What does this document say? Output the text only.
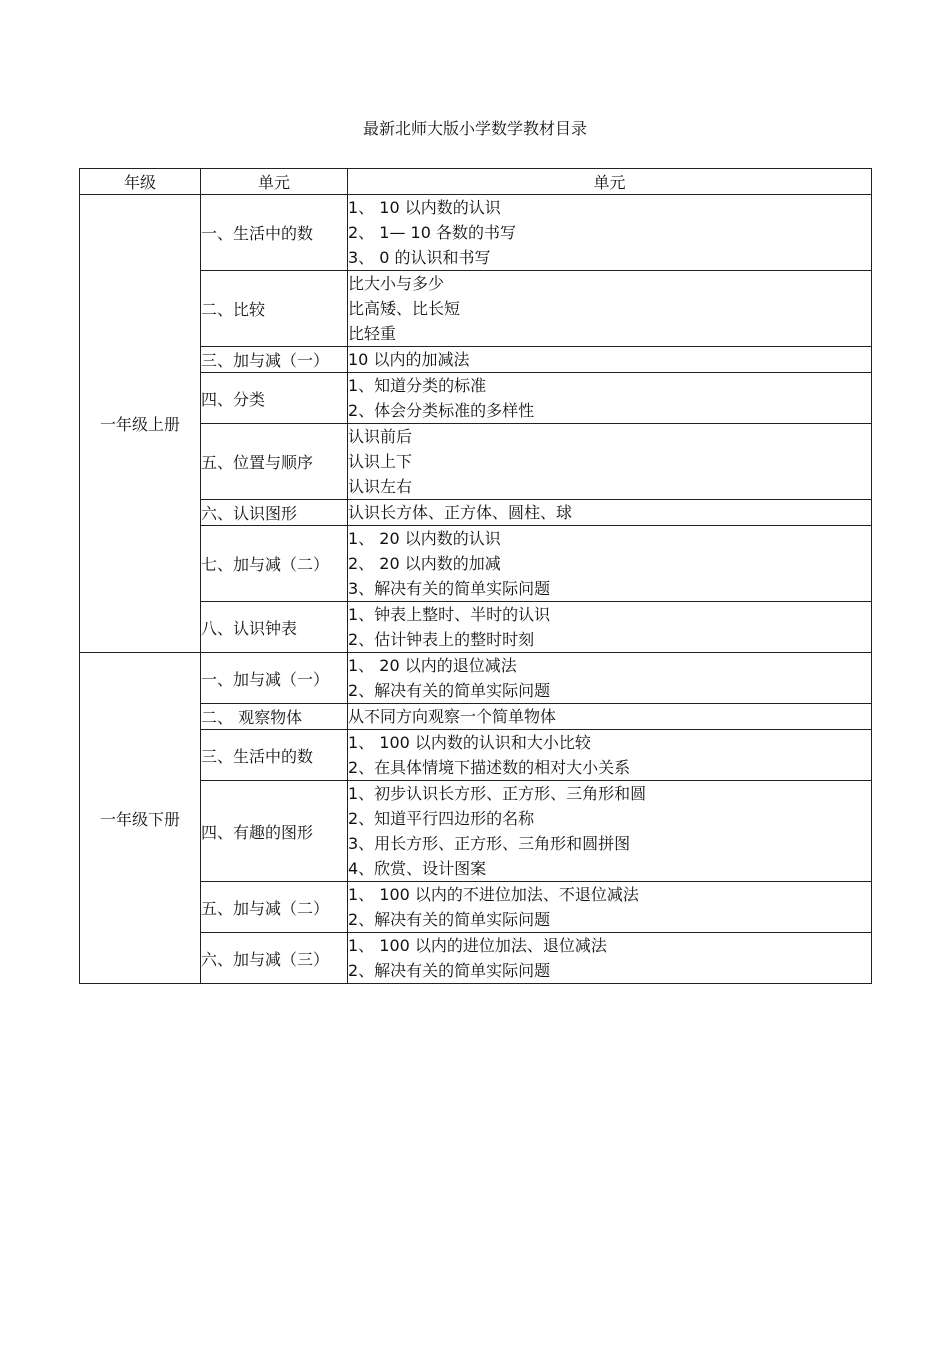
最新北师大版小学数学教材目录
年级	单元	单元
一年级上册	一、生活中的数	1、 10 以内数的认识
2、 1— 10 各数的书写
3、 0 的认识和书写

	二、比较	比大小与多少
比高矮、比长短
比轻重

	三、加与减（一）	10 以内的加减法

	四、分类	1、知道分类的标准
2、体会分类标准的多样性

	五、位置与顺序	认识前后
认识上下
认识左右

	六、认识图形	认识长方体、正方体、圆柱、球

	七、加与减（二）	1、 20 以内数的认识
2、 20 以内数的加减
3、解决有关的简单实际问题

	八、认识钟表	1、钟表上整时、半时的认识
2、估计钟表上的整时时刻

一年级下册	一、加与减（一）	1、 20 以内的退位减法
2、解决有关的简单实际问题

	二、 观察物体	从不同方向观察一个简单物体

	三、生活中的数	1、 100 以内数的认识和大小比较
2、在具体情境下描述数的相对大小关系

	四、有趣的图形	1、初步认识长方形、正方形、三角形和圆
2、知道平行四边形的名称
3、用长方形、正方形、三角形和圆拼图
4、欣赏、设计图案

	五、加与减（二）	1、 100 以内的不进位加法、不退位减法
2、解决有关的简单实际问题

	六、加与减（三）	1、 100 以内的进位加法、退位减法
2、解决有关的简单实际问题
